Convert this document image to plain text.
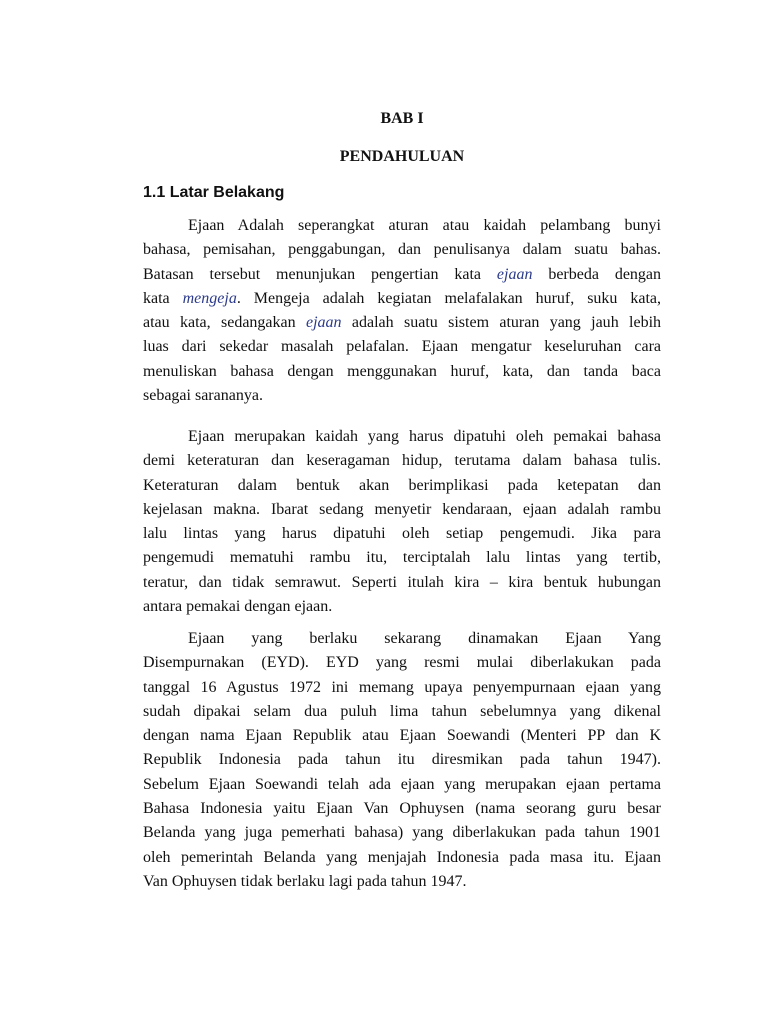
BAB I
PENDAHULUAN
1.1 Latar Belakang
Ejaan Adalah seperangkat aturan atau kaidah pelambang bunyi
bahasa, pemisahan, penggabungan, dan penulisanya dalam suatu bahas.
Batasan tersebut menunjukan pengertian kata ejaan berbeda dengan
kata mengeja. Mengeja adalah kegiatan melafalakan huruf, suku kata,
atau kata, sedangakan ejaan adalah suatu sistem aturan yang jauh lebih
luas dari sekedar masalah pelafalan. Ejaan mengatur keseluruhan cara
menuliskan bahasa dengan menggunakan huruf, kata, dan tanda baca
sebagai saranan​ya.
Ejaan merupakan kaidah yang harus dipatuhi oleh pemakai bahasa
demi keteraturan dan keseragaman hidup, terutama dalam bahasa tulis.
Keteraturan dalam bentuk akan berimplikasi pada ketepatan dan
kejelasan makna. Ibarat sedang menyetir kendaraan, ejaan adalah rambu
lalu lintas yang harus dipatuhi oleh setiap pengemudi. Jika para
pengemudi mematuhi rambu itu, terciptalah lalu lintas yang tertib,
teratur, dan tidak semrawut. Seperti itulah kira – kira bentuk hubungan
antara pemakai dengan ejaan.
Ejaan yang berlaku sekarang dinamakan Ejaan Yang
Disempurnakan (EYD). EYD yang resmi mulai diberlakukan pada
tanggal 16 Agustus 1972 ini memang upaya penyempurnaan ejaan yang
sudah dipakai selam dua puluh lima tahun sebelumnya yang dikenal
dengan nama Ejaan Republik atau Ejaan Soewandi (Menteri PP dan K
Republik Indonesia pada tahun itu diresmikan pada tahun 1947).
Sebelum Ejaan Soewandi telah ada ejaan yang merupakan ejaan pertama
Bahasa Indonesia yaitu Ejaan Van Ophuysen (nama seorang guru besar
Belanda yang juga pemerhati bahasa) yang diberlakukan pada tahun 1901
oleh pemerintah Belanda yang menjajah Indonesia pada masa itu. Ejaan
Van Ophuysen tidak berlaku lagi pada tahun 1947.
